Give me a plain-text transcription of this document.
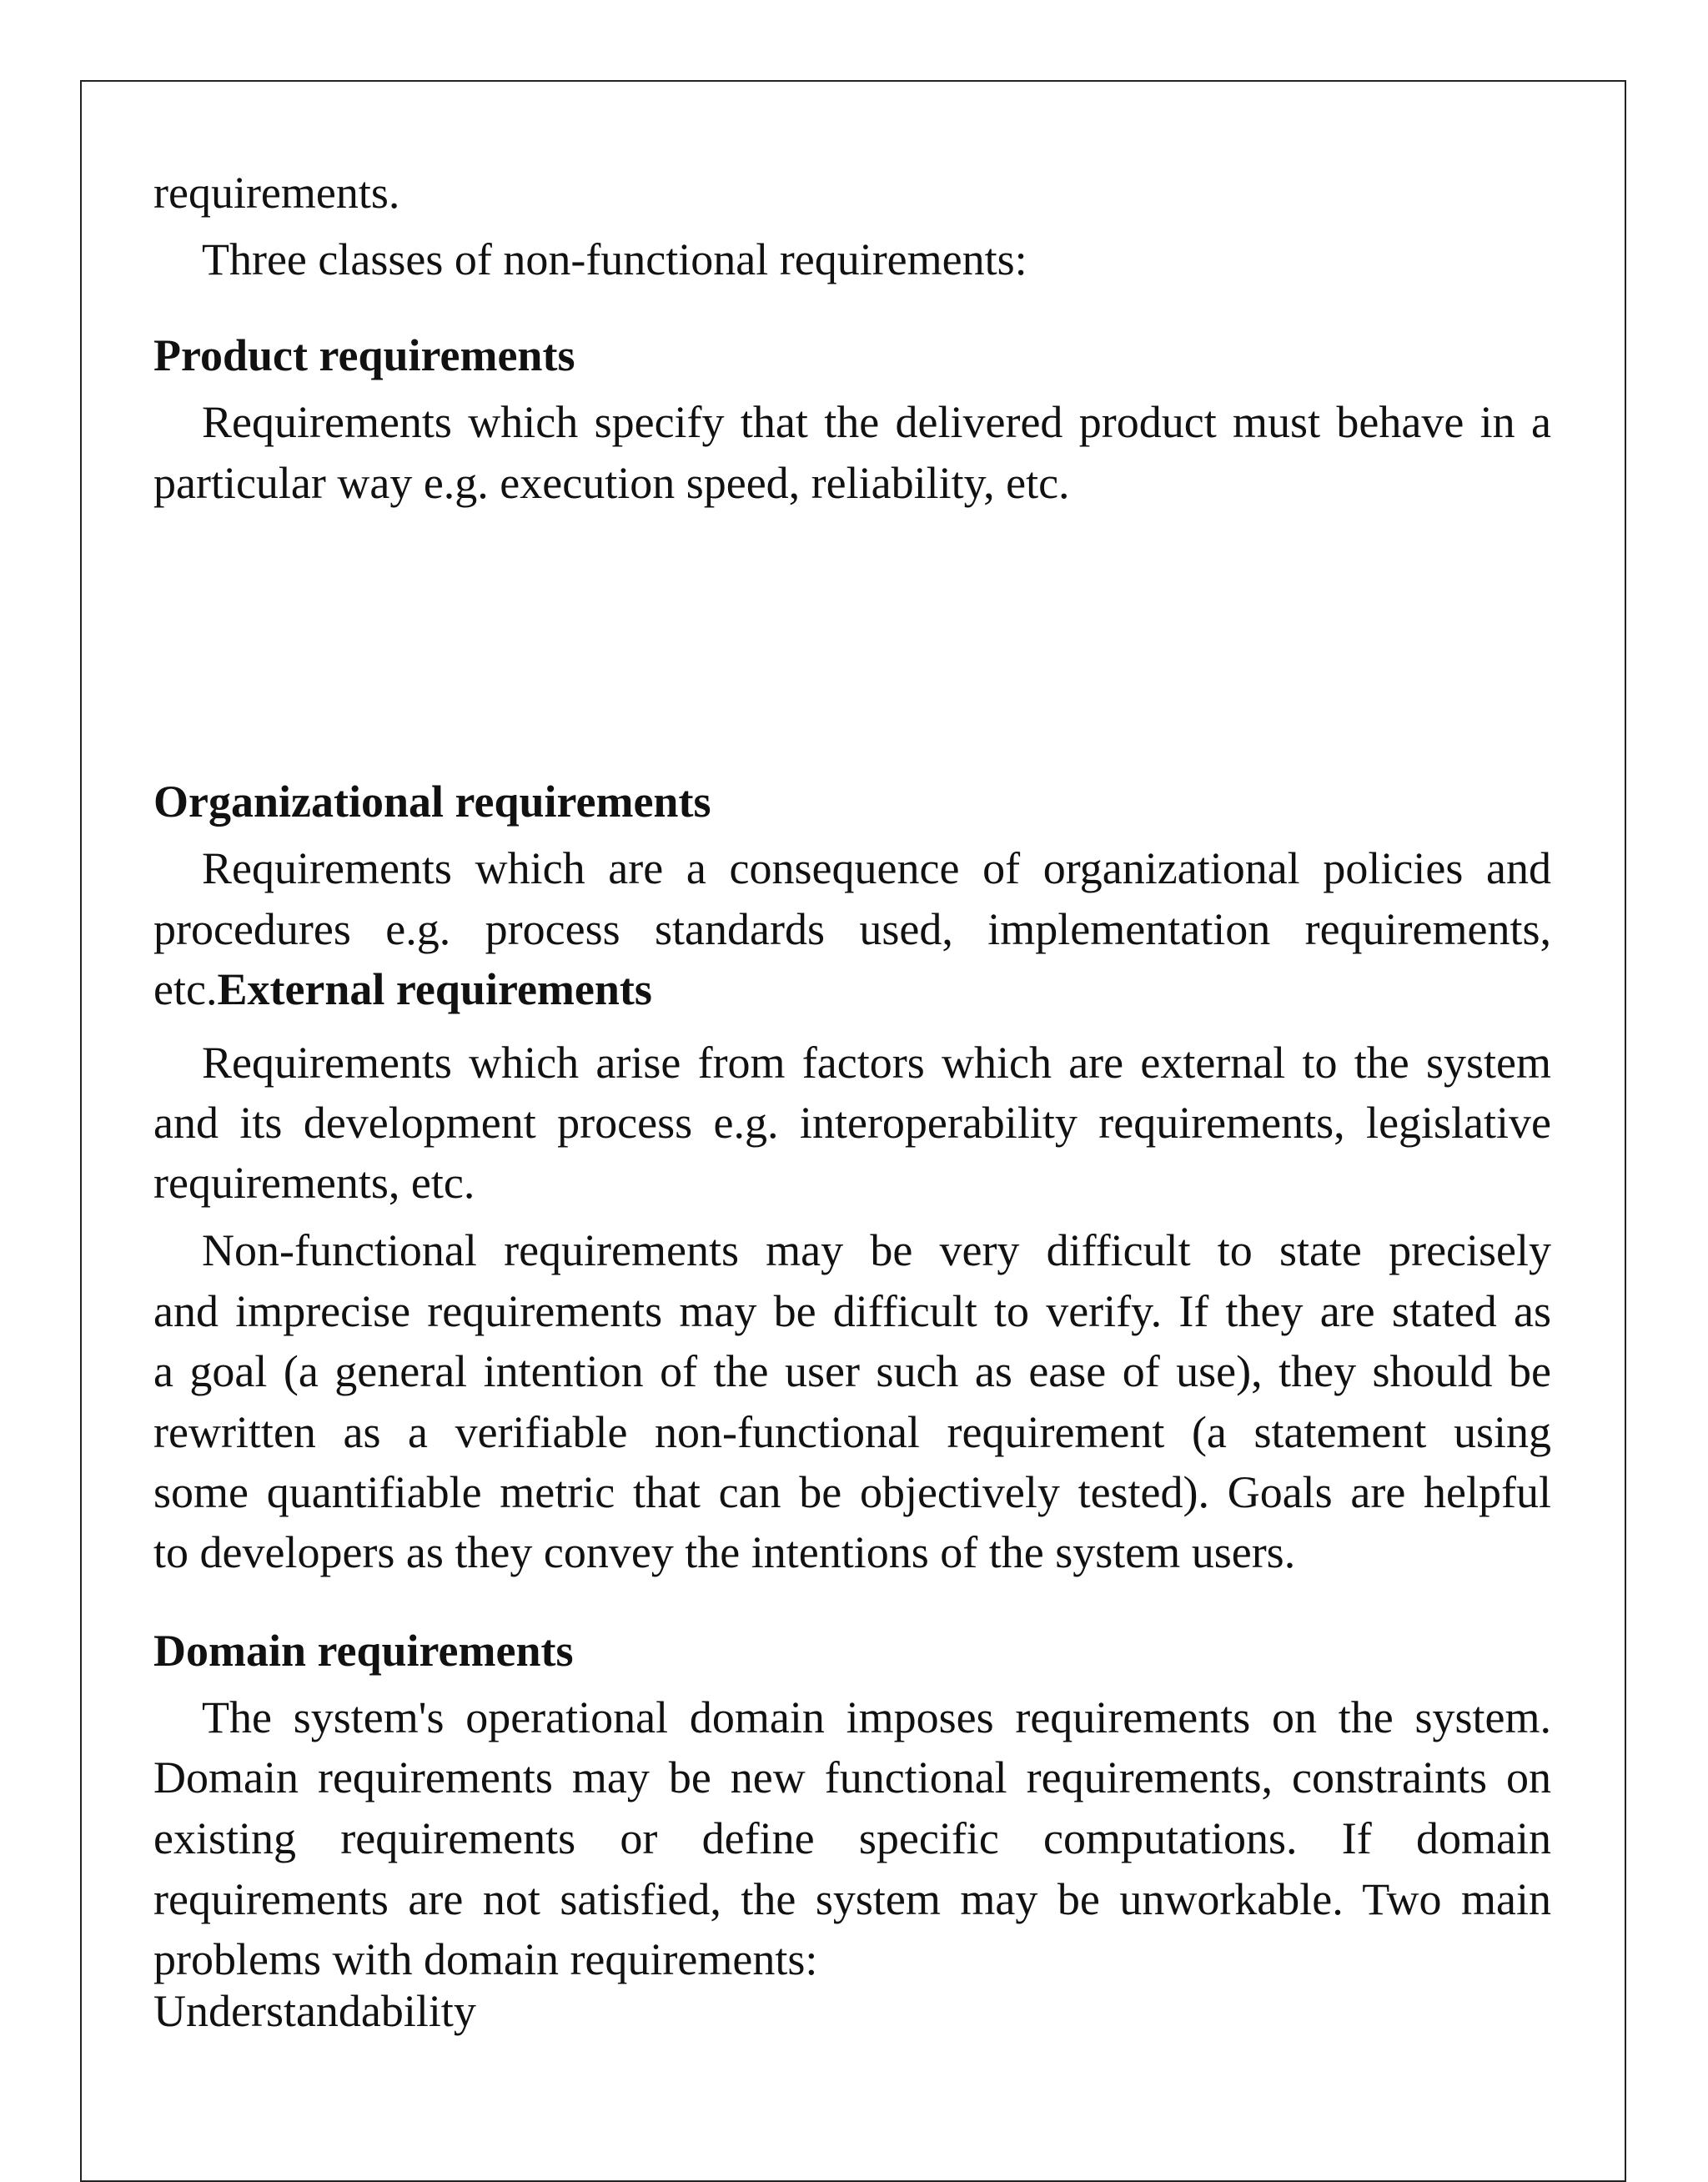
requirements.
Three classes of non-functional requirements:
Product requirements
Requirements which specify that the delivered product must behave in a
particular way e.g. execution speed, reliability, etc.
Organizational requirements
Requirements which are a consequence of organizational policies and
procedures e.g. process standards used, implementation requirements,
etc.External requirements
Requirements which arise from factors which are external to the system
and its development process e.g. interoperability requirements, legislative
requirements, etc.
Non-functional requirements may be very difficult to state precisely
and imprecise requirements may be difficult to verify. If they are stated as
a goal (a general intention of the user such as ease of use), they should be
rewritten as a verifiable non-functional requirement (a statement using
some quantifiable metric that can be objectively tested). Goals are helpful
to developers as they convey the intentions of the system users.
Domain requirements
The system's operational domain imposes requirements on the system.
Domain requirements may be new functional requirements, constraints on
existing requirements or define specific computations. If domain
requirements are not satisfied, the system may be unworkable. Two main
problems with domain requirements:
Understandability
